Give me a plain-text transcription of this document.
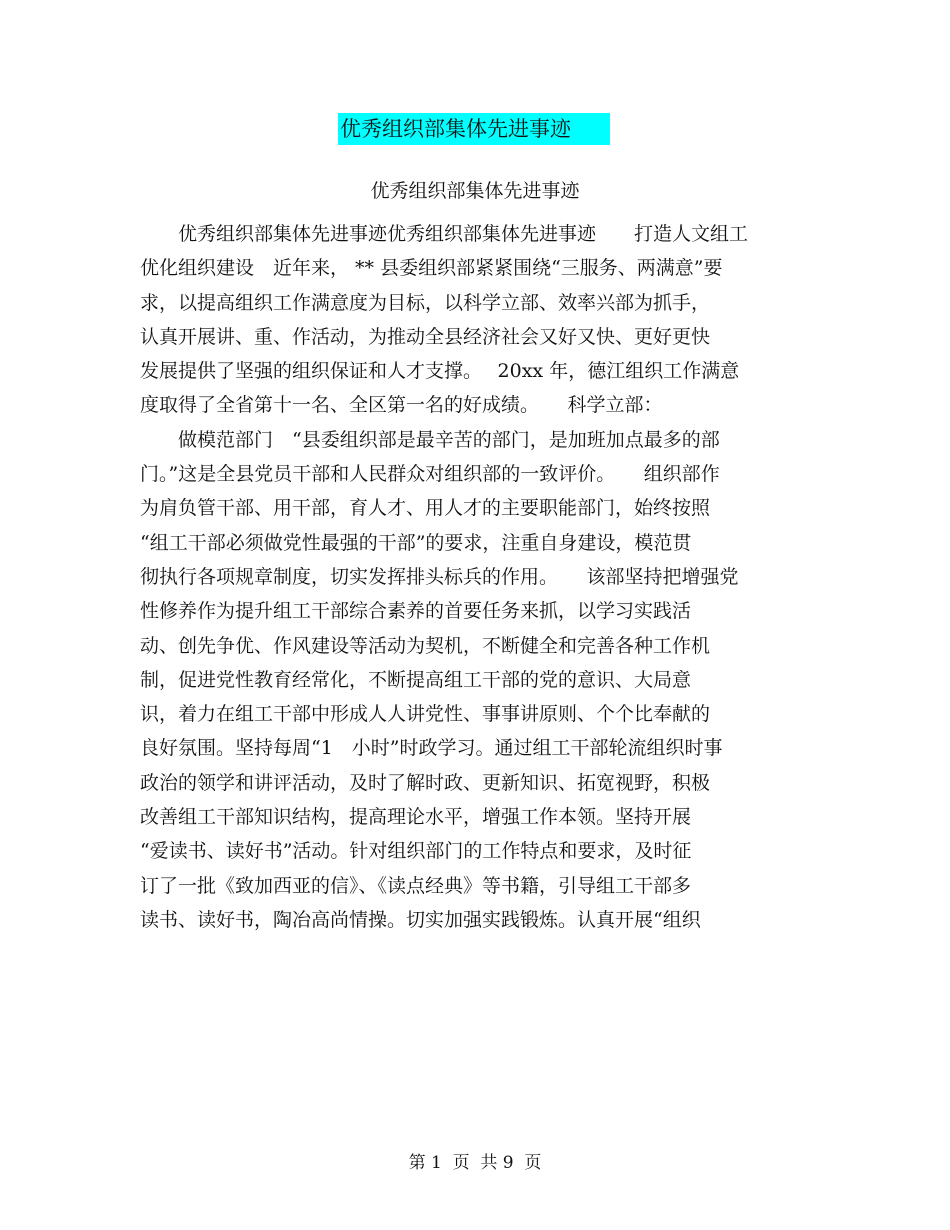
优秀组织部集体先进事迹
优秀组织部集体先进事迹
　　优秀组织部集体先进事迹优秀组织部集体先进事迹　　打造人文组工
优化组织建设　近年来， ** 县委组织部紧紧围绕“三服务、两满意”要
求，以提高组织工作满意度为目标，以科学立部、效率兴部为抓手，
认真开展讲、重、作活动，为推动全县经济社会又好又快、更好更快
发展提供了坚强的组织保证和人才支撑。　 20xx 年，德江组织工作满意
度取得了全省第十一名、全区第一名的好成绩。　　科学立部：
　　做模范部门　“县委组织部是最辛苦的部门，是加班加点最多的部
门。”这是全县党员干部和人民群众对组织部的一致评价。　　组织部作
为肩负管干部、用干部，育人才、用人才的主要职能部门，始终按照
“组工干部必须做党性最强的干部”的要求，注重自身建设，模范贯
彻执行各项规章制度，切实发挥排头标兵的作用。　　该部坚持把增强党
性修养作为提升组工干部综合素养的首要任务来抓，以学习实践活
动、创先争优、作风建设等活动为契机，不断健全和完善各种工作机
制，促进党性教育经常化，不断提高组工干部的党的意识、大局意
识，着力在组工干部中形成人人讲党性、事事讲原则、个个比奉献的
良好氛围。坚持每周“1　小时”时政学习。通过组工干部轮流组织时事
政治的领学和讲评活动，及时了解时政、更新知识、拓宽视野，积极
改善组工干部知识结构，提高理论水平，增强工作本领。坚持开展
“爱读书、读好书”活动。针对组织部门的工作特点和要求，及时征
订了一批《致加西亚的信》、《读点经典》等书籍，引导组工干部多
读书、读好书，陶冶高尚情操。切实加强实践锻炼。认真开展“组织
第 1  页  共 9  页
